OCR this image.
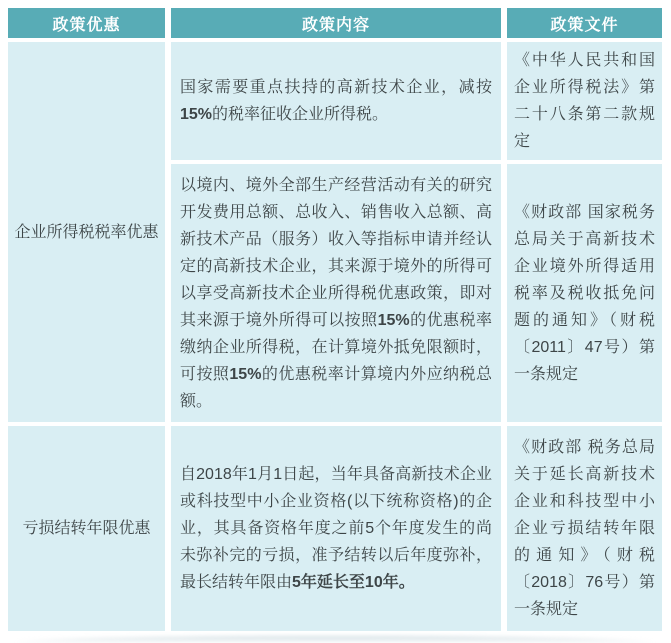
政策优惠	政策内容	政策文件
企业所得税税率优惠	国家需要重点扶持的高新技术企业，减按15%的税率征收企业所得税。	《中华人民共和国企业所得税法》第二十八条第二款规定
	以境内、境外全部生产经营活动有关的研究开发费用总额、总收入、销售收入总额、高新技术产品（服务）收入等指标申请并经认定的高新技术企业，其来源于境外的所得可以享受高新技术企业所得税优惠政策，即对其来源于境外所得可以按照15%的优惠税率缴纳企业所得税，在计算境外抵免限额时，可按照15%的优惠税率计算境内外应纳税总额。	《财政部 国家税务总局关于高新技术企业境外所得适用税率及税收抵免问题的通知》（财税〔2011〕47号）第一条规定
亏损结转年限优惠	自2018年1月1日起，当年具备高新技术企业或科技型中小企业资格(以下统称资格)的企业，其具备资格年度之前5个年度发生的尚未弥补完的亏损，准予结转以后年度弥补，最长结转年限由5年延长至10年。	《财政部 税务总局关于延长高新技术企业和科技型中小企业亏损结转年限的通知》（财税〔2018〕76号）第一条规定
